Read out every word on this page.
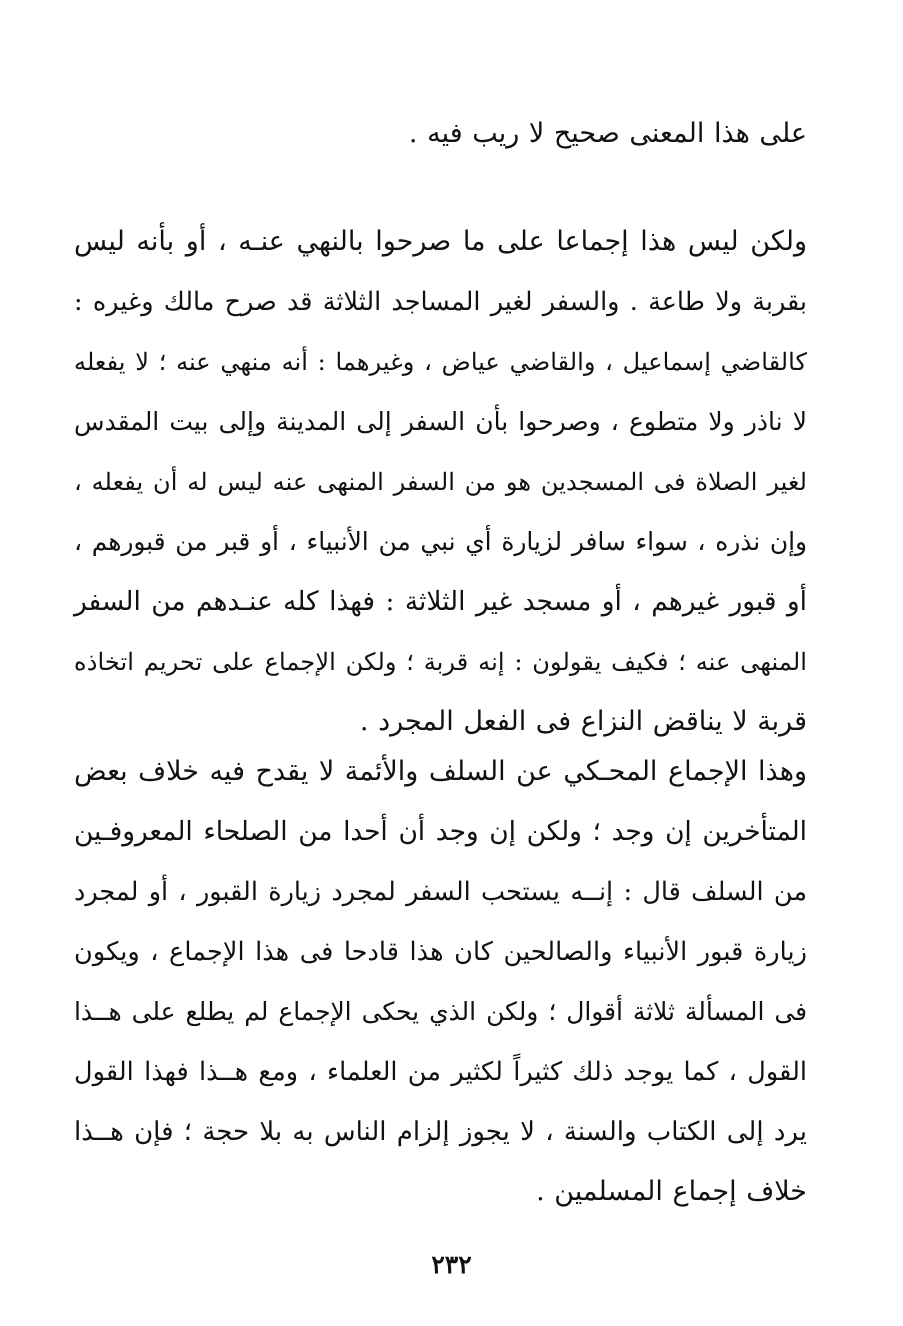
على هذا المعنى صحيح لا ريب فيه .
ولكن ليس هذا إجماعا على ما صرحوا بالنهي عنـه ، أو بأنه ليس
بقربة ولا طاعة . والسفر لغير المساجد الثلاثة قد صرح مالك وغيره :
كالقاضي إسماعيل ، والقاضي عياض ، وغيرهما : أنه منهي عنه ؛ لا يفعله
لا ناذر ولا متطوع ، وصرحوا بأن السفر إلى المدينة وإلى بيت المقدس
لغير الصلاة فى المسجدين هو من السفر المنهى عنه ليس له أن يفعله ،
وإن نذره ، سواء سافر لزيارة أي نبي من الأنبياء ، أو قبر من قبورهم ،
أو قبور غيرهم ، أو مسجد غير الثلاثة : فهذا كله عنـدهم من السفر
المنهى عنه ؛ فكيف يقولون : إنه قربة ؛ ولكن الإجماع على تحريم اتخاذه
قربة لا يناقض النزاع فى الفعل المجرد .
وهذا الإجماع المحـكي عن السلف والأئمة لا يقدح فيه خلاف بعض
المتأخرين إن وجد ؛ ولكن إن وجد أن أحدا من الصلحاء المعروفـين
من السلف قال : إنــه يستحب السفر لمجرد زيارة القبور ، أو لمجرد
زيارة قبور الأنبياء والصالحين كان هذا قادحا فى هذا الإجماع ، ويكون
فى المسألة ثلاثة أقوال ؛ ولكن الذي يحكى الإجماع لم يطلع على هــذا
القول ، كما يوجد ذلك كثيراً لكثير من العلماء ، ومع هــذا فهذا القول
يرد إلى الكتاب والسنة ، لا يجوز إلزام الناس به بلا حجة ؛ فإن هــذا
خلاف إجماع المسلمين .
٢٣٢
